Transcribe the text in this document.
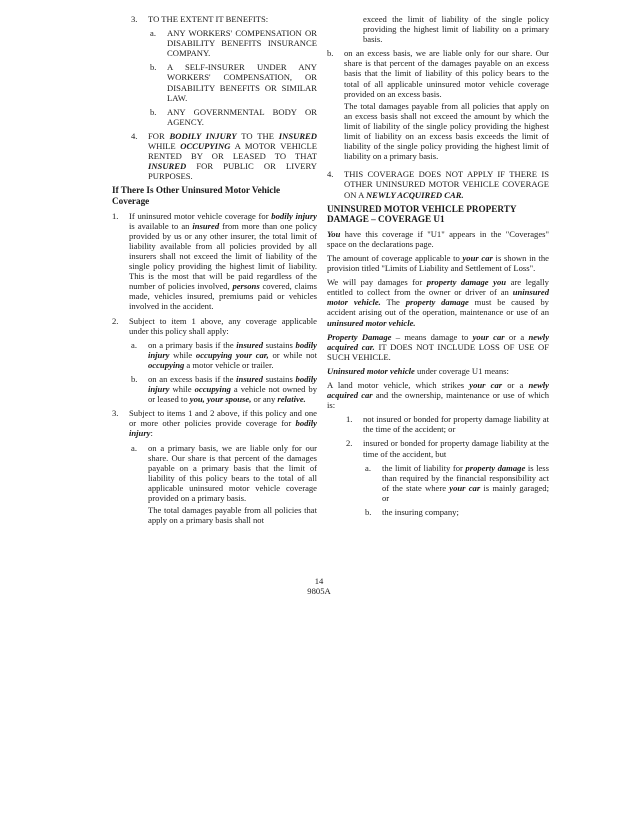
3.	TO THE EXTENT IT BENEFITS:
a.	ANY WORKERS' COMPENSATION OR DISABILITY BENEFITS INSURANCE COMPANY.
b.	A SELF-INSURER UNDER ANY WORKERS' COMPENSATION, OR DISABILITY BENEFITS OR SIMILAR LAW.
b.	ANY GOVERNMENTAL BODY OR AGENCY.
4.	FOR BODILY INJURY TO THE INSURED WHILE OCCUPYING A MOTOR VEHICLE RENTED BY OR LEASED TO THAT INSURED FOR PUBLIC OR LIVERY PURPOSES.
If There Is Other Uninsured Motor Vehicle Coverage
1.	If uninsured motor vehicle coverage for bodily injury is available to an insured from more than one policy provided by us or any other insurer, the total limit of liability available from all policies provided by all insurers shall not exceed the limit of liability of the single policy providing the highest limit of liability. This is the most that will be paid regardless of the number of policies involved, persons covered, claims made, vehicles insured, premiums paid or vehicles involved in the accident.
2.	Subject to item 1 above, any coverage applicable under this policy shall apply:
a.	on a primary basis if the insured sustains bodily injury while occupying your car, or while not occupying a motor vehicle or trailer.
b.	on an excess basis if the insured sustains bodily injury while occupying a vehicle not owned by or leased to you, your spouse, or any relative.
3.	Subject to items 1 and 2 above, if this policy and one or more other policies provide coverage for bodily injury:
a.	on a primary basis, we are liable only for our share. Our share is that percent of the damages payable on a primary basis that the limit of liability of this policy bears to the total of all applicable uninsured motor vehicle coverage provided on a primary basis.
The total damages payable from all policies that apply on a primary basis shall not
exceed the limit of liability of the single policy providing the highest limit of liability on a primary basis.
b.	on an excess basis, we are liable only for our share. Our share is that percent of the damages payable on an excess basis that the limit of liability of this policy bears to the total of all applicable uninsured motor vehicle coverage provided on an excess basis.
The total damages payable from all policies that apply on an excess basis shall not exceed the amount by which the limit of liability of the single policy providing the highest limit of liability on an excess basis exceeds the limit of liability of the single policy providing the highest limit of liability on a primary basis.
4.	THIS COVERAGE DOES NOT APPLY IF THERE IS OTHER UNINSURED MOTOR VEHICLE COVERAGE ON A NEWLY ACQUIRED CAR.
UNINSURED MOTOR VEHICLE PROPERTY DAMAGE – COVERAGE U1
You have this coverage if "U1" appears in the "Coverages" space on the declarations page.
The amount of coverage applicable to your car is shown in the provision titled "Limits of Liability and Settlement of Loss".
We will pay damages for property damage you are legally entitled to collect from the owner or driver of an uninsured motor vehicle. The property damage must be caused by accident arising out of the operation, maintenance or use of an uninsured motor vehicle.
Property Damage – means damage to your car or a newly acquired car. IT DOES NOT INCLUDE LOSS OF USE OF SUCH VEHICLE.
Uninsured motor vehicle under coverage U1 means:
A land motor vehicle, which strikes your car or a newly acquired car and the ownership, maintenance or use of which is:
1.	not insured or bonded for property damage liability at the time of the accident; or
2.	insured or bonded for property damage liability at the time of the accident, but
a.	the limit of liability for property damage is less than required by the financial responsibility act of the state where your car is mainly garaged; or
b.	the insuring company;
14
9805A
